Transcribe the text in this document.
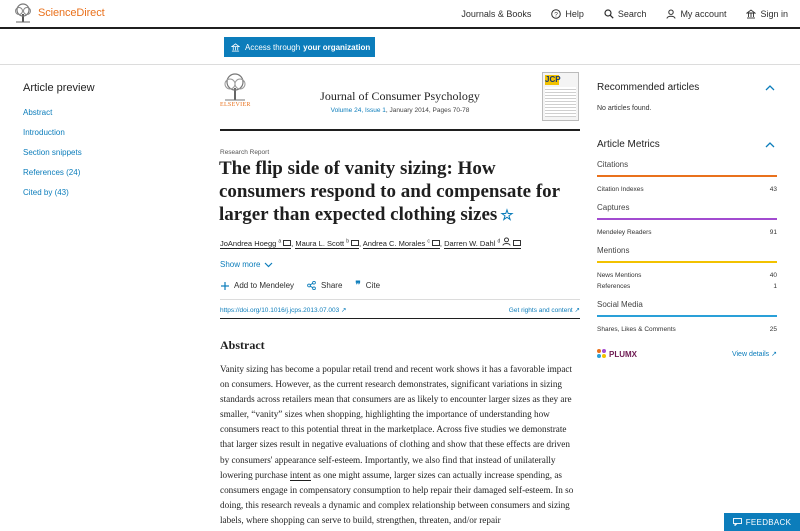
ScienceDirect	Journals & Books	? Help	Search	My account	Sign in
Access through your organization
Article preview
Abstract
Introduction
Section snippets
References (24)
Cited by (43)
ELSEVIER
Journal of Consumer Psychology
Volume 24, Issue 1, January 2014, Pages 70-78
JCP
Research Report
The flip side of vanity sizing: How consumers respond to and compensate for larger than expected clothing sizes ☆
JoAndrea Hoegg $^a$ , Maura L. Scott $^b$ , Andrea C. Morales $^c$ , Darren W. Dahl $^d$
Show more
Add to Mendeley	Share ❞ Cite
https://doi.org/10.1016/j.jcps.2013.07.003 ↗	Get rights and content ↗
Abstract

Vanity sizing has become a popular retail trend and recent work shows it has a favorable impact on consumers. However, as the current research demonstrates, significant variations in sizing standards across retailers mean that consumers are as likely to encounter larger sizes as they are smaller, “vanity” sizes when shopping, highlighting the importance of understanding how consumers react to this potential threat in the marketplace. Across five studies we demonstrate that larger sizes result in negative evaluations of clothing and show that these effects are driven by consumers' appearance self-esteem. Importantly, we also find that instead of unilaterally lowering purchase intent as one might assume, larger sizes can actually increase spending, as consumers engage in compensatory consumption to help repair their damaged self-esteem. In so doing, this research reveals a dynamic and complex relationship between consumers and sizing labels, where shopping can serve to build, strengthen, threaten, and/or repair

Recommended articles
No articles found.
Article Metrics
Citations
Citation Indexes	43
Captures
Mendeley Readers	91
Mentions
News Mentions	40
References	1
Social Media
Shares, Likes & Comments	25
PLUMX	View details ↗
FEEDBACK
